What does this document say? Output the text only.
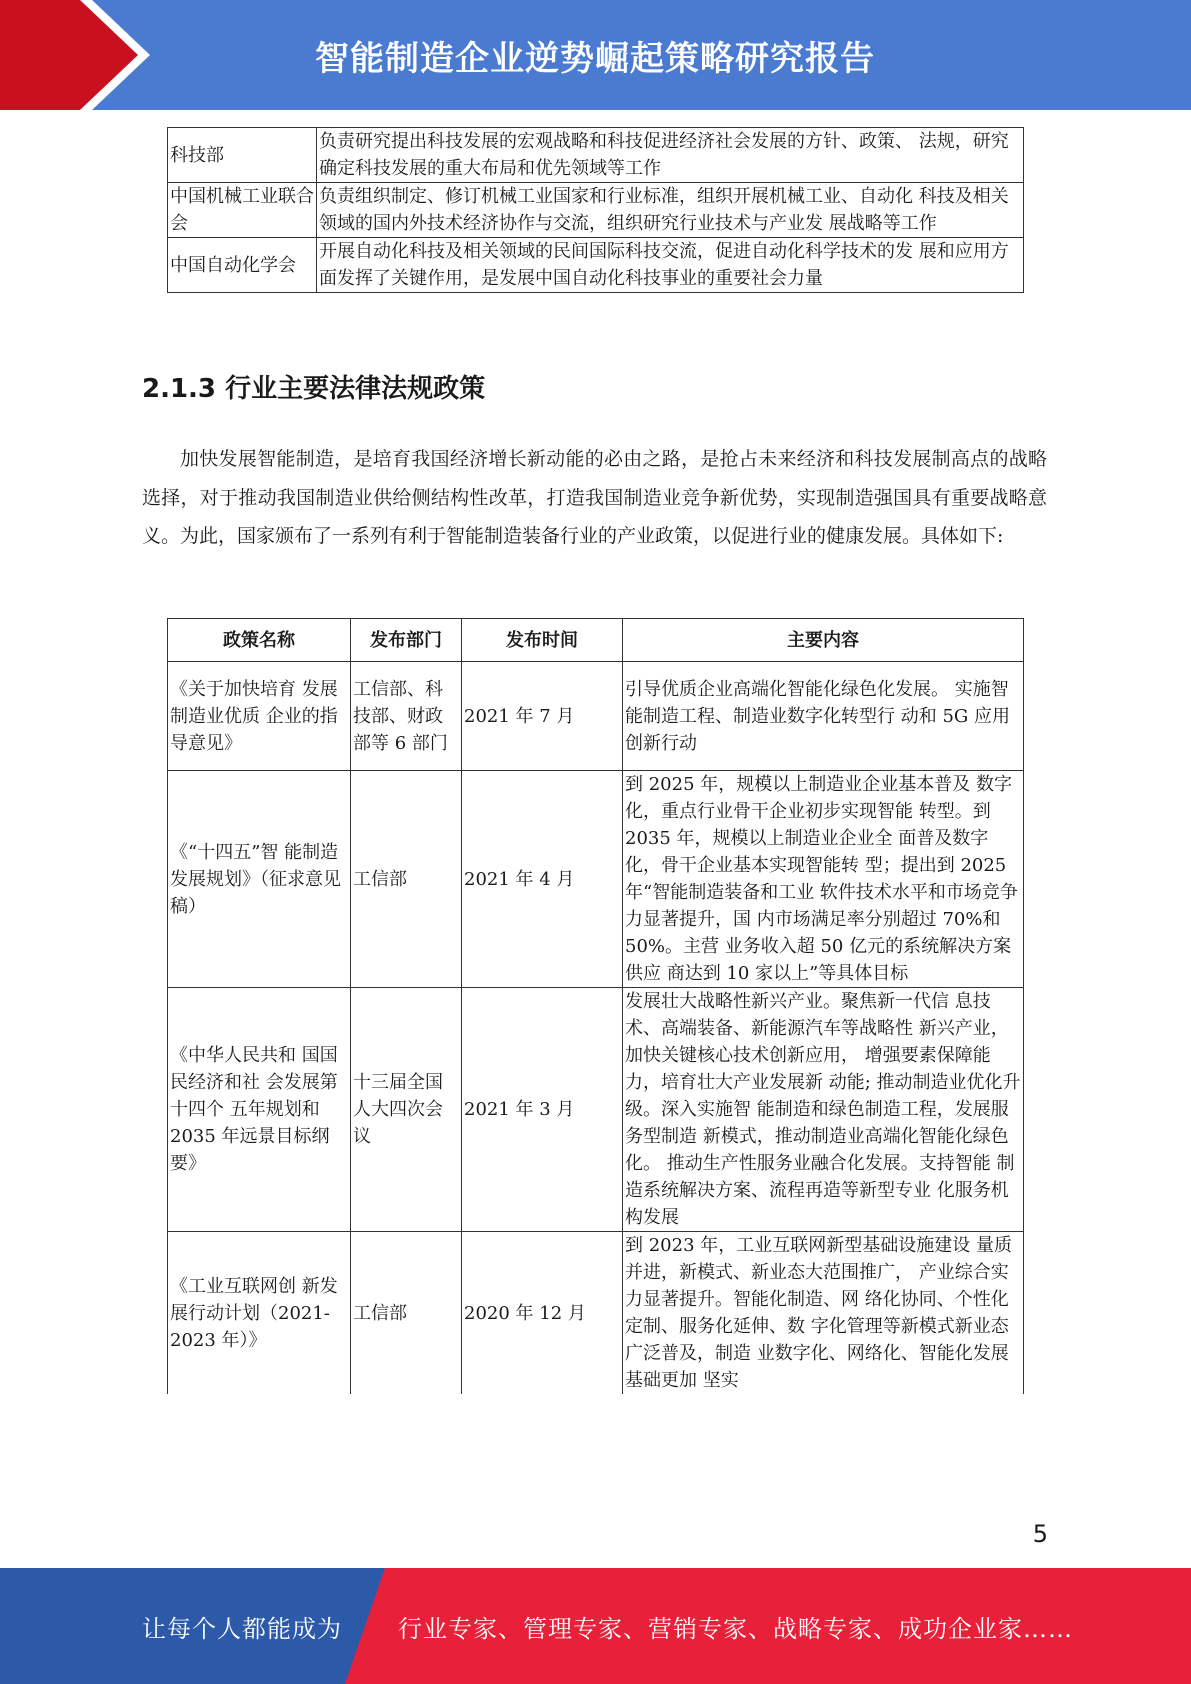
智能制造企业逆势崛起策略研究报告
科技部	负责研究提出科技发展的宏观战略和科技促进经济社会发展的方针、政策、 法规，研究确定科技发展的重大布局和优先领域等工作
中国机械工业联合会	负责组织制定、修订机械工业国家和行业标准，组织开展机械工业、自动化 科技及相关领域的国内外技术经济协作与交流，组织研究行业技术与产业发 展战略等工作
中国自动化学会	开展自动化科技及相关领域的民间国际科技交流，促进自动化科学技术的发 展和应用方面发挥了关键作用，是发展中国自动化科技事业的重要社会力量
2.1.3 行业主要法律法规政策

加快发展智能制造，是培育我国经济增长新动能的必由之路，是抢占未来经济和科技发展制高点的战略选择，对于推动我国制造业供给侧结构性改革，打造我国制造业竞争新优势，实现制造强国具有重要战略意义。为此，国家颁布了一系列有利于智能制造装备行业的产业政策，以促进行业的健康发展。具体如下:

政策名称	发布部门	发布时间	主要内容
《关于加快培育 发展制造业优质 企业的指导意见》	工信部、科技部、财政部等 6 部门	2021 年 7 月	引导优质企业高端化智能化绿色化发展。 实施智能制造工程、制造业数字化转型行 动和 5G 应用创新行动
《“十四五”智 能制造发展规划》（征求意见稿）	工信部	2021 年 4 月	到 2025 年，规模以上制造业企业基本普及 数字化，重点行业骨干企业初步实现智能 转型。到 2035 年，规模以上制造业企业全 面普及数字化，骨干企业基本实现智能转 型；提出到 2025 年“智能制造装备和工业 软件技术水平和市场竞争力显著提升，国 内市场满足率分别超过 70%和 50%。主营 业务收入超 50 亿元的系统解决方案供应 商达到 10 家以上”等具体目标
《中华人民共和 国国民经济和社 会发展第十四个 五年规划和 2035 年远景目标纲要》	十三届全国人大四次会议	2021 年 3 月	发展壮大战略性新兴产业。聚焦新一代信 息技术、高端装备、新能源汽车等战略性 新兴产业，加快关键核心技术创新应用， 增强要素保障能力，培育壮大产业发展新 动能; 推动制造业优化升级。深入实施智 能制造和绿色制造工程，发展服务型制造 新模式，推动制造业高端化智能化绿色化。 推动生产性服务业融合化发展。支持智能 制造系统解决方案、流程再造等新型专业 化服务机构发展
《工业互联网创 新发展行动计划（2021-2023 年）》	工信部	2020 年 12 月	到 2023 年，工业互联网新型基础设施建设 量质并进，新模式、新业态大范围推广， 产业综合实力显著提升。智能化制造、网 络化协同、个性化定制、服务化延伸、数 字化管理等新模式新业态广泛普及，制造 业数字化、网络化、智能化发展基础更加 坚实
5
让每个人都能成为 行业专家、管理专家、营销专家、战略专家、成功企业家……
